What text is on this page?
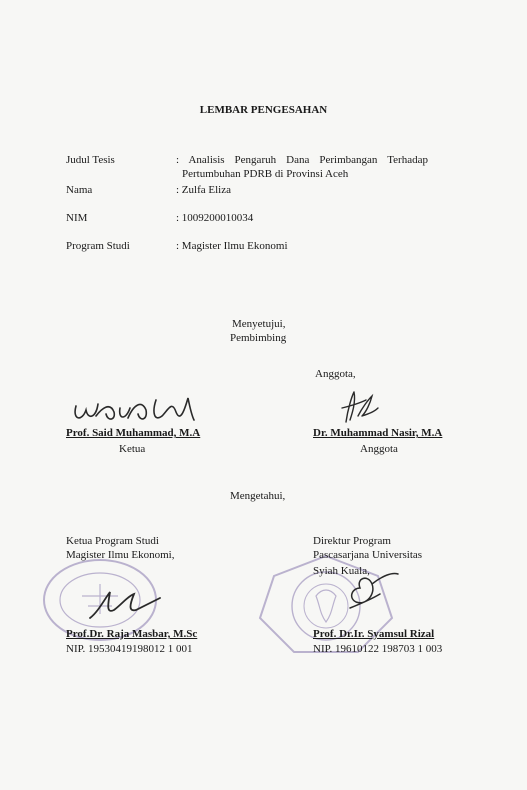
LEMBAR PENGESAHAN
Judul Tesis	: Analisis Pengaruh Dana Perimbangan Terhadap
Pertumbuhan PDRB di Provinsi Aceh
Nama	: Zulfa Eliza
NIM	: 1009200010034
Program Studi	: Magister Ilmu Ekonomi
Menyetujui,
Pembimbing
Anggota,
Prof. Said Muhammad, M.A
Ketua
Dr. Muhammad Nasir, M.A
Anggota
Mengetahui,
Ketua Program Studi
Magister Ilmu Ekonomi,
Direktur Program
Pascasarjana Universitas
Syiah Kuala,
Prof.Dr. Raja Masbar, M.Sc
NIP. 19530419198012 1 001
Prof. Dr.Ir. Syamsul Rizal
NIP. 19610122 198703 1 003
